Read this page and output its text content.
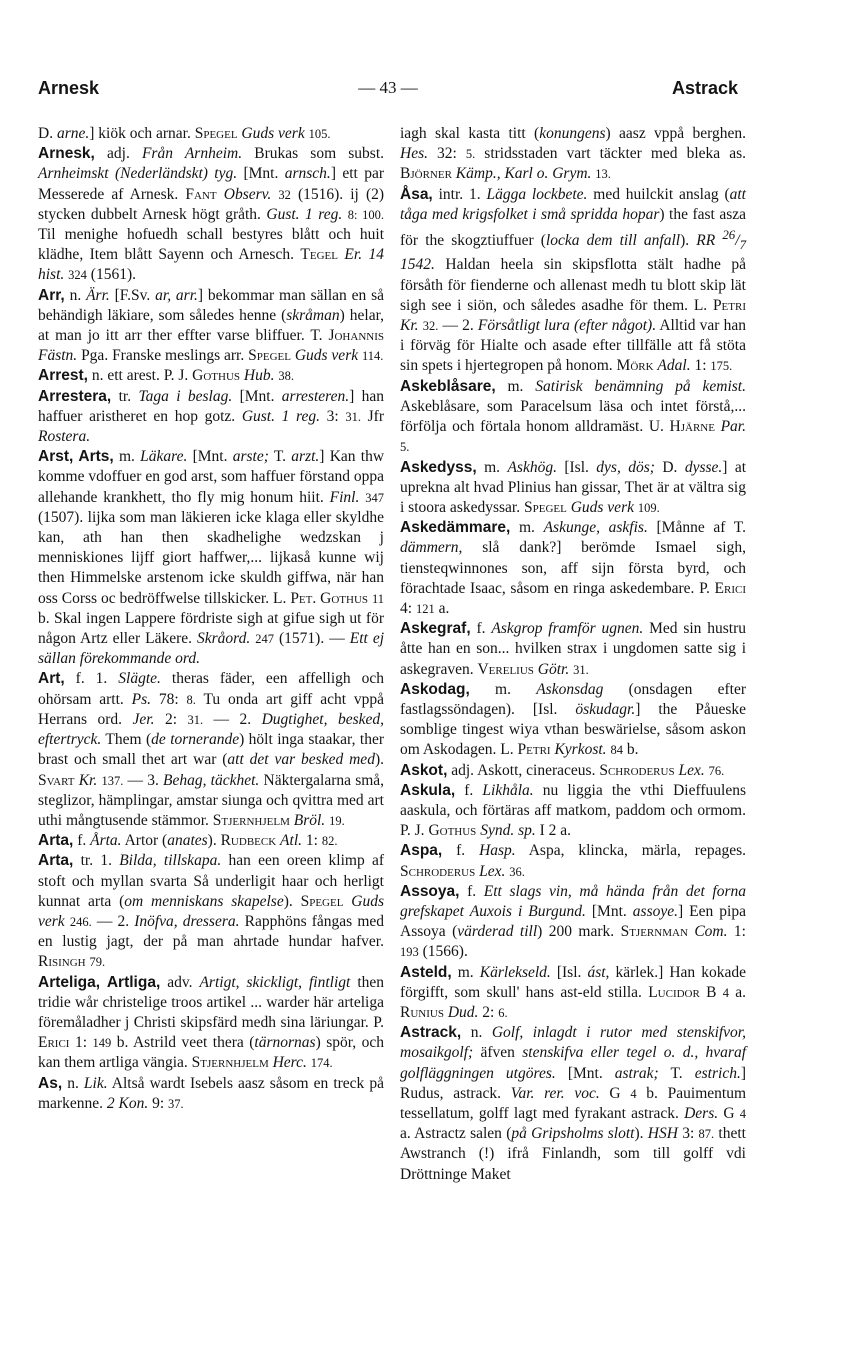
Arnesk	— 43 —	Astrack

D. arne.] kiök och arnar. Spegel Guds verk 105.

Arnesk, adj. Från Arnheim. Brukas som subst. Arnheimskt (Nederländskt) tyg. [Mnt. arnsch.] ett par Messerede af Arnesk. Fant Observ. 32 (1516). ij (2) stycken dubbelt Arnesk högt gråth. Gust. 1 reg. 8: 100. Til menighe hofuedh schall bestyres blått och huit klädhe, Item blått Sayenn och Arnesch. Tegel Er. 14 hist. 324 (1561).

Arr, n. Ärr. [F.Sv. ar, arr.] bekommar man sällan en så behändigh läkiare, som således henne (skråman) helar, at man jo itt arr ther effter varse bliffuer. T. Johannis Fästn. Pga. Franske meslings arr. Spegel Guds verk 114.

Arrest, n. ett arest. P. J. Gothus Hub. 38.

Arrestera, tr. Taga i beslag. [Mnt. arresteren.] han haffuer aristheret en hop gotz. Gust. 1 reg. 3: 31. Jfr Rostera.

Arst, Arts, m. Läkare. [Mnt. arste; T. arzt.] Kan thw komme vdoffuer en god arst, som haffuer förstand oppa allehande krankhett, tho fly mig honum hiit. Finl. 347 (1507). lijka som man läkieren icke klaga eller skyldhe kan, ath han then skadhelighe wedzskan j menniskiones lijff giort haffwer,... lijkaså kunne wij then Himmelske arstenom icke skuldh giffwa, när han oss Corss oc bedröffwelse tillskicker. L. Pet. Gothus 11 b. Skal ingen Lappere fördriste sigh at gifue sigh ut för någon Artz eller Läkere. Skråord. 247 (1571). — Ett ej sällan förekommande ord.

Art, f. 1. Slägte. theras fäder, een affelligh och ohörsam artt. Ps. 78: 8. Tu onda art giff acht vppå Herrans ord. Jer. 2: 31. — 2. Dugtighet, besked, eftertryck. Them (de tornerande) hölt inga staakar, ther brast och small thet art war (att det var besked med). Svart Kr. 137. — 3. Behag, täckhet. Näktergalarna små, steglizor, hämplingar, amstar siunga och qvittra med art uthi mångtusende stämmor. Stjernhjelm Bröl. 19.

Arta, f. Årta. Artor (anates). Rudbeck Atl. 1: 82.

Arta, tr. 1. Bilda, tillskapa. han een oreen klimp af stoft och myllan svarta Så underligit haar och herligt kunnat arta (om menniskans skapelse). Spegel Guds verk 246. — 2. Inöfva, dressera. Rapphöns fångas med en lustig jagt, der på man ahrtade hundar hafver. Risingh 79.

Arteliga, Artliga, adv. Artigt, skickligt, fintligt then tridie wår christelige troos artikel ... warder här arteliga föremåladher j Christi skipsfärd medh sina läriungar. P. Erici 1: 149 b. Astrild veet thera (tärnornas) spör, och kan them artliga vängia. Stjernhjelm Herc. 174.

As, n. Lik. Altså wardt Isebels aasz såsom en treck på markenne. 2 Kon. 9: 37.

iagh skal kasta titt (konungens) aasz vppå berghen. Hes. 32: 5. stridsstaden vart täckter med bleka as. Björner Kämp., Karl o. Grym. 13.

Åsa, intr. 1. Lägga lockbete. med huilckit anslag (att tåga med krigsfolket i små spridda hopar) the fast asza för the skogztiuffuer (locka dem till anfall). RR $^{26}/_7$ 1542. Haldan heela sin skipsflotta stält hadhe på försåth för fienderne och allenast medh tu blott skip lät sigh see i siön, och således asadhe för them. L. Petri Kr. 32. — 2. Försåtligt lura (efter något). Alltid var han i förväg för Hialte och asade efter tillfälle att få stöta sin spets i hjertegropen på honom. Mörk Adal. 1: 175.

Askeblåsare, m. Satirisk benämning på kemist. Askeblåsare, som Paracelsum läsa och intet förstå,... förfölja och förtala honom alldramäst. U. Hjärne Par. 5.

Askedyss, m. Askhög. [Isl. dys, dös; D. dysse.] at uprekna alt hvad Plinius han gissar, Thet är at vältra sig i stoora askedyssar. Spegel Guds verk 109.

Askedämmare, m. Askunge, askfis. [Månne af T. dämmern, slå dank?] berömde Ismael sigh, tiensteqwinnones son, aff sijn första byrd, och förachtade Isaac, såsom en ringa askedembare. P. Erici 4: 121 a.

Askegraf, f. Askgrop framför ugnen. Med sin hustru åtte han en son... hvilken strax i ungdomen satte sig i askegraven. Verelius Götr. 31.

Askodag, m. Askonsdag (onsdagen efter fastlagssöndagen). [Isl. öskudagr.] the Påueske somblige tingest wiya vthan beswärielse, såsom askon om Askodagen. L. Petri Kyrkost. 84 b.

Askot, adj. Askott, cineraceus. Schroderus Lex. 76.

Askula, f. Likhåla. nu liggia the vthi Dieffuulens aaskula, och förtäras aff matkom, paddom och ormom. P. J. Gothus Synd. sp. I 2 a.

Aspa, f. Hasp. Aspa, klincka, märla, repages. Schroderus Lex. 36.

Assoya, f. Ett slags vin, må hända från det forna grefskapet Auxois i Burgund. [Mnt. assoye.] Een pipa Assoya (värderad till) 200 mark. Stjernman Com. 1: 193 (1566).

Asteld, m. Kärlekseld. [Isl. ást, kärlek.] Han kokade förgifft, som skull' hans ast-eld stilla. Lucidor B 4 a. Runius Dud. 2: 6.

Astrack, n. Golf, inlagdt i rutor med stenskifvor, mosaikgolf; äfven stenskifva eller tegel o. d., hvaraf golfläggningen utgöres. [Mnt. astrak; T. estrich.] Rudus, astrack. Var. rer. voc. G 4 b. Pauimentum tessellatum, golff lagt med fyrakant astrack. Ders. G 4 a. Astractz salen (på Gripsholms slott). HSH 3: 87. thett Awstranch (!) ifrå Finlandh, som till golff vdi Dröttninge Maket
